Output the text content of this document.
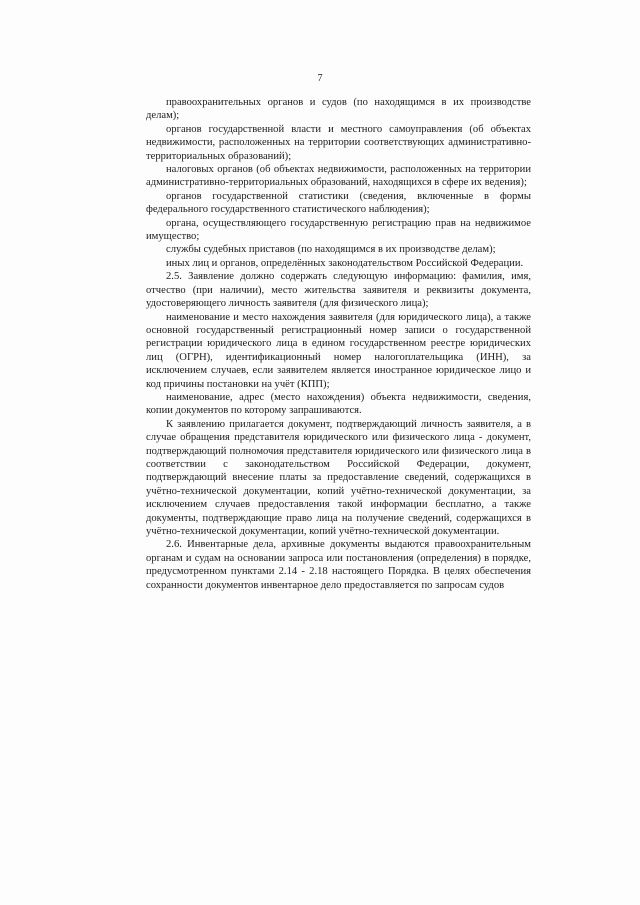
7

правоохранительных органов и судов (по находящимся в их производстве делам);

органов государственной власти и местного самоуправления (об объектах недвижимости, расположенных на территории соответствующих административно-территориальных образований);

налоговых органов (об объектах недвижимости, расположенных на территории административно-территориальных образований, находящихся в сфере их ведения);

органов государственной статистики (сведения, включенные в формы федерального государственного статистического наблюдения);

органа, осуществляющего государственную регистрацию прав на недвижимое имущество;

службы судебных приставов (по находящимся в их производстве делам);

иных лиц и органов, определённых законодательством Российской Федерации.

2.5. Заявление должно содержать следующую информацию: фамилия, имя, отчество (при наличии), место жительства заявителя и реквизиты документа, удостоверяющего личность заявителя (для физического лица);

наименование и место нахождения заявителя (для юридического лица), а также основной государственный регистрационный номер записи о государственной регистрации юридического лица в едином государственном реестре юридических лиц (ОГРН), идентификационный номер налогоплательщика (ИНН), за исключением случаев, если заявителем является иностранное юридическое лицо и код причины постановки на учёт (КПП);

наименование, адрес (место нахождения) объекта недвижимости, сведения, копии документов по которому запрашиваются.

К заявлению прилагается документ, подтверждающий личность заявителя, а в случае обращения представителя юридического или физического лица - документ, подтверждающий полномочия представителя юридического или физического лица в соответствии с законодательством Российской Федерации, документ, подтверждающий внесение платы за предоставление сведений, содержащихся в учётно-технической документации, копий учётно-технической документации, за исключением случаев предоставления такой информации бесплатно, а также документы, подтверждающие право лица на получение сведений, содержащихся в учётно-технической документации, копий учётно-технической документации.

2.6. Инвентарные дела, архивные документы выдаются правоохранительным органам и судам на основании запроса или постановления (определения) в порядке, предусмотренном пунктами 2.14 - 2.18 настоящего Порядка. В целях обеспечения сохранности документов инвентарное дело предоставляется по запросам судов
